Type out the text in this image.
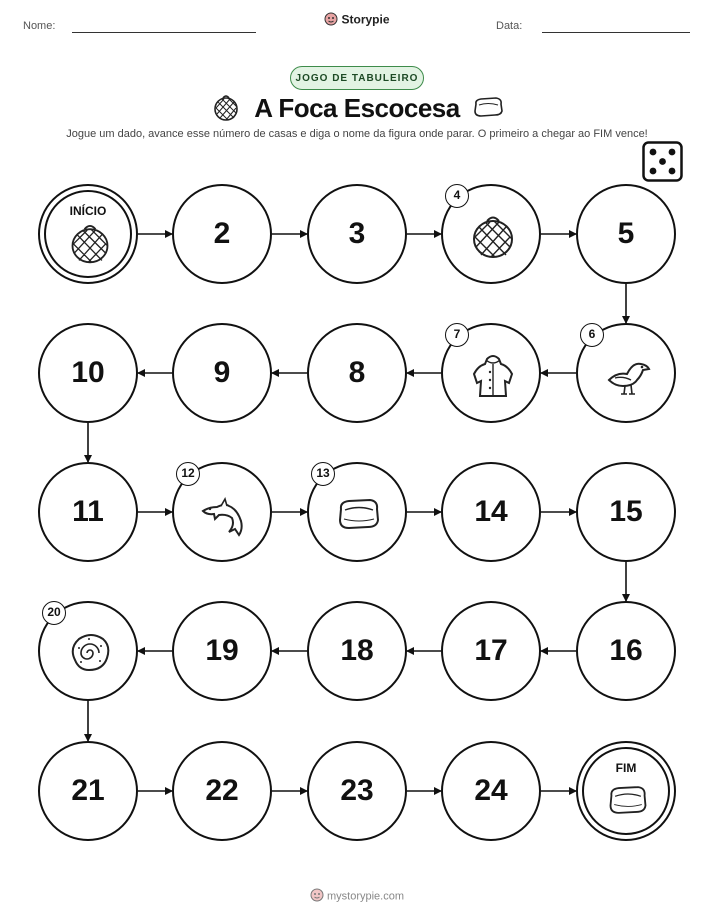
Nome:	Storypie	Data:
JOGO DE TABULEIRO
A Foca Escocesa
Jogue um dado, avance esse número de casas e diga o nome da figura onde parar. O primeiro a chegar ao FIM vence!
INÍCIO
2	3
4
5
6
7
8
9
10
11
12	13
14	15
16
17
18
19
20
21	22	23	24
FIM
mystorypie.com
